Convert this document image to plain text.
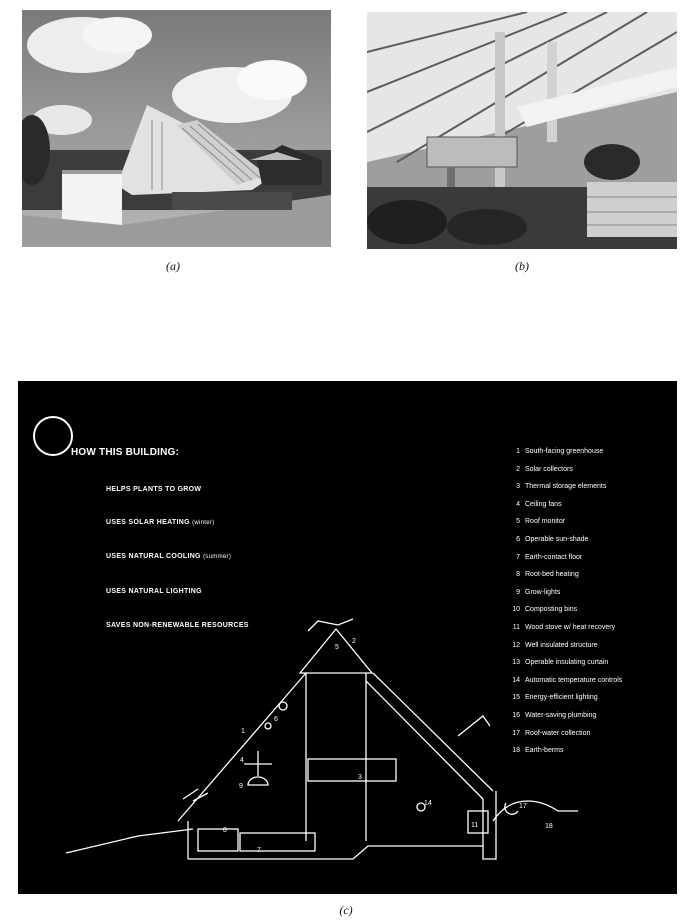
(a)	(b)
HOW THIS BUILDING:
HELPS PLANTS TO GROW
USES SOLAR HEATING (winter)
USES NATURAL COOLING (summer)
USES NATURAL LIGHTING
SAVES NON-RENEWABLE RESOURCES
1 South-facing greenhouse
2 Solar collectors
3 Thermal storage elements
4 Ceiling fans
5 Roof monitor
6 Operable sun-shade
7 Earth-contact floor
8 Root-bed heating
9 Grow-lights
10 Composting bins
11 Wood stove w/ heat recovery
12 Well insulated structure
13 Operable insulating curtain
14 Automatic temperature controls
15 Energy-efficient lighting
16 Water-saving plumbing
17 Roof-water collection
18 Earth-berms
1
2
3
4
5
6
7
8
9
11
14	17
18
(c)
